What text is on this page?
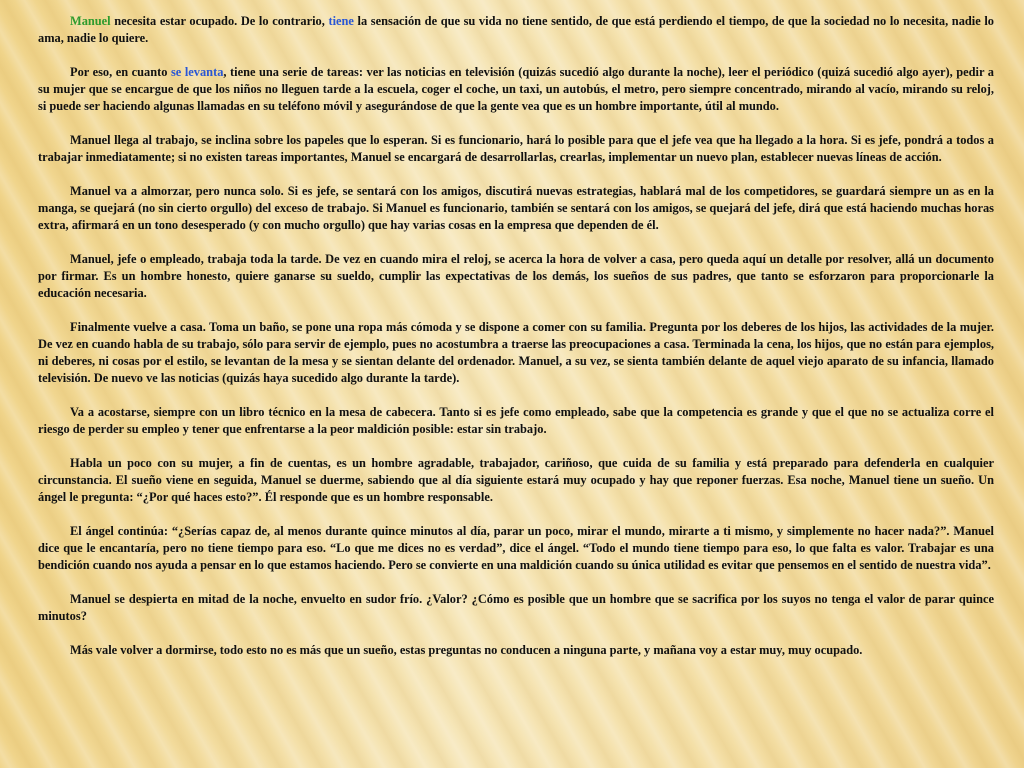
Manuel necesita estar ocupado. De lo contrario, tiene la sensación de que su vida no tiene sentido, de que está perdiendo el tiempo, de que la sociedad no lo necesita, nadie lo ama, nadie lo quiere.

Por eso, en cuanto se levanta, tiene una serie de tareas: ver las noticias en televisión (quizás sucedió algo durante la noche), leer el periódico (quizá sucedió algo ayer), pedir a su mujer que se encargue de que los niños no lleguen tarde a la escuela, coger el coche, un taxi, un autobús, el metro, pero siempre concentrado, mirando al vacío, mirando su reloj, si puede ser haciendo algunas llamadas en su teléfono móvil y asegurándose de que la gente vea que es un hombre importante, útil al mundo.

Manuel llega al trabajo, se inclina sobre los papeles que lo esperan. Si es funcionario, hará lo posible para que el jefe vea que ha llegado a la hora. Si es jefe, pondrá a todos a trabajar inmediatamente; si no existen tareas importantes, Manuel se encargará de desarrollarlas, crearlas, implementar un nuevo plan, establecer nuevas líneas de acción.

Manuel va a almorzar, pero nunca solo. Si es jefe, se sentará con los amigos, discutirá nuevas estrategias, hablará mal de los competidores, se guardará siempre un as en la manga, se quejará (no sin cierto orgullo) del exceso de trabajo. Si Manuel es funcionario, también se sentará con los amigos, se quejará del jefe, dirá que está haciendo muchas horas extra, afirmará en un tono desesperado (y con mucho orgullo) que hay varias cosas en la empresa que dependen de él.

Manuel, jefe o empleado, trabaja toda la tarde. De vez en cuando mira el reloj, se acerca la hora de volver a casa, pero queda aquí un detalle por resolver, allá un documento por firmar. Es un hombre honesto, quiere ganarse su sueldo, cumplir las expectativas de los demás, los sueños de sus padres, que tanto se esforzaron para proporcionarle la educación necesaria.

Finalmente vuelve a casa. Toma un baño, se pone una ropa más cómoda y se dispone a comer con su familia. Pregunta por los deberes de los hijos, las actividades de la mujer. De vez en cuando habla de su trabajo, sólo para servir de ejemplo, pues no acostumbra a traerse las preocupaciones a casa. Terminada la cena, los hijos, que no están para ejemplos, ni deberes, ni cosas por el estilo, se levantan de la mesa y se sientan delante del ordenador. Manuel, a su vez, se sienta también delante de aquel viejo aparato de su infancia, llamado televisión. De nuevo ve las noticias (quizás haya sucedido algo durante la tarde).

Va a acostarse, siempre con un libro técnico en la mesa de cabecera. Tanto si es jefe como empleado, sabe que la competencia es grande y que el que no se actualiza corre el riesgo de perder su empleo y tener que enfrentarse a la peor maldición posible: estar sin trabajo.

Habla un poco con su mujer, a fin de cuentas, es un hombre agradable, trabajador, cariñoso, que cuida de su familia y está preparado para defenderla en cualquier circunstancia. El sueño viene en seguida, Manuel se duerme, sabiendo que al día siguiente estará muy ocupado y hay que reponer fuerzas. Esa noche, Manuel tiene un sueño. Un ángel le pregunta: “¿Por qué haces esto?”. Él responde que es un hombre responsable.

El ángel continúa: “¿Serías capaz de, al menos durante quince minutos al día, parar un poco, mirar el mundo, mirarte a ti mismo, y simplemente no hacer nada?”. Manuel dice que le encantaría, pero no tiene tiempo para eso. “Lo que me dices no es verdad”, dice el ángel. “Todo el mundo tiene tiempo para eso, lo que falta es valor. Trabajar es una bendición cuando nos ayuda a pensar en lo que estamos haciendo. Pero se convierte en una maldición cuando su única utilidad es evitar que pensemos en el sentido de nuestra vida”.

Manuel se despierta en mitad de la noche, envuelto en sudor frío. ¿Valor? ¿Cómo es posible que un hombre que se sacrifica por los suyos no tenga el valor de parar quince minutos?

Más vale volver a dormirse, todo esto no es más que un sueño, estas preguntas no conducen a ninguna parte, y mañana voy a estar muy, muy ocupado.
